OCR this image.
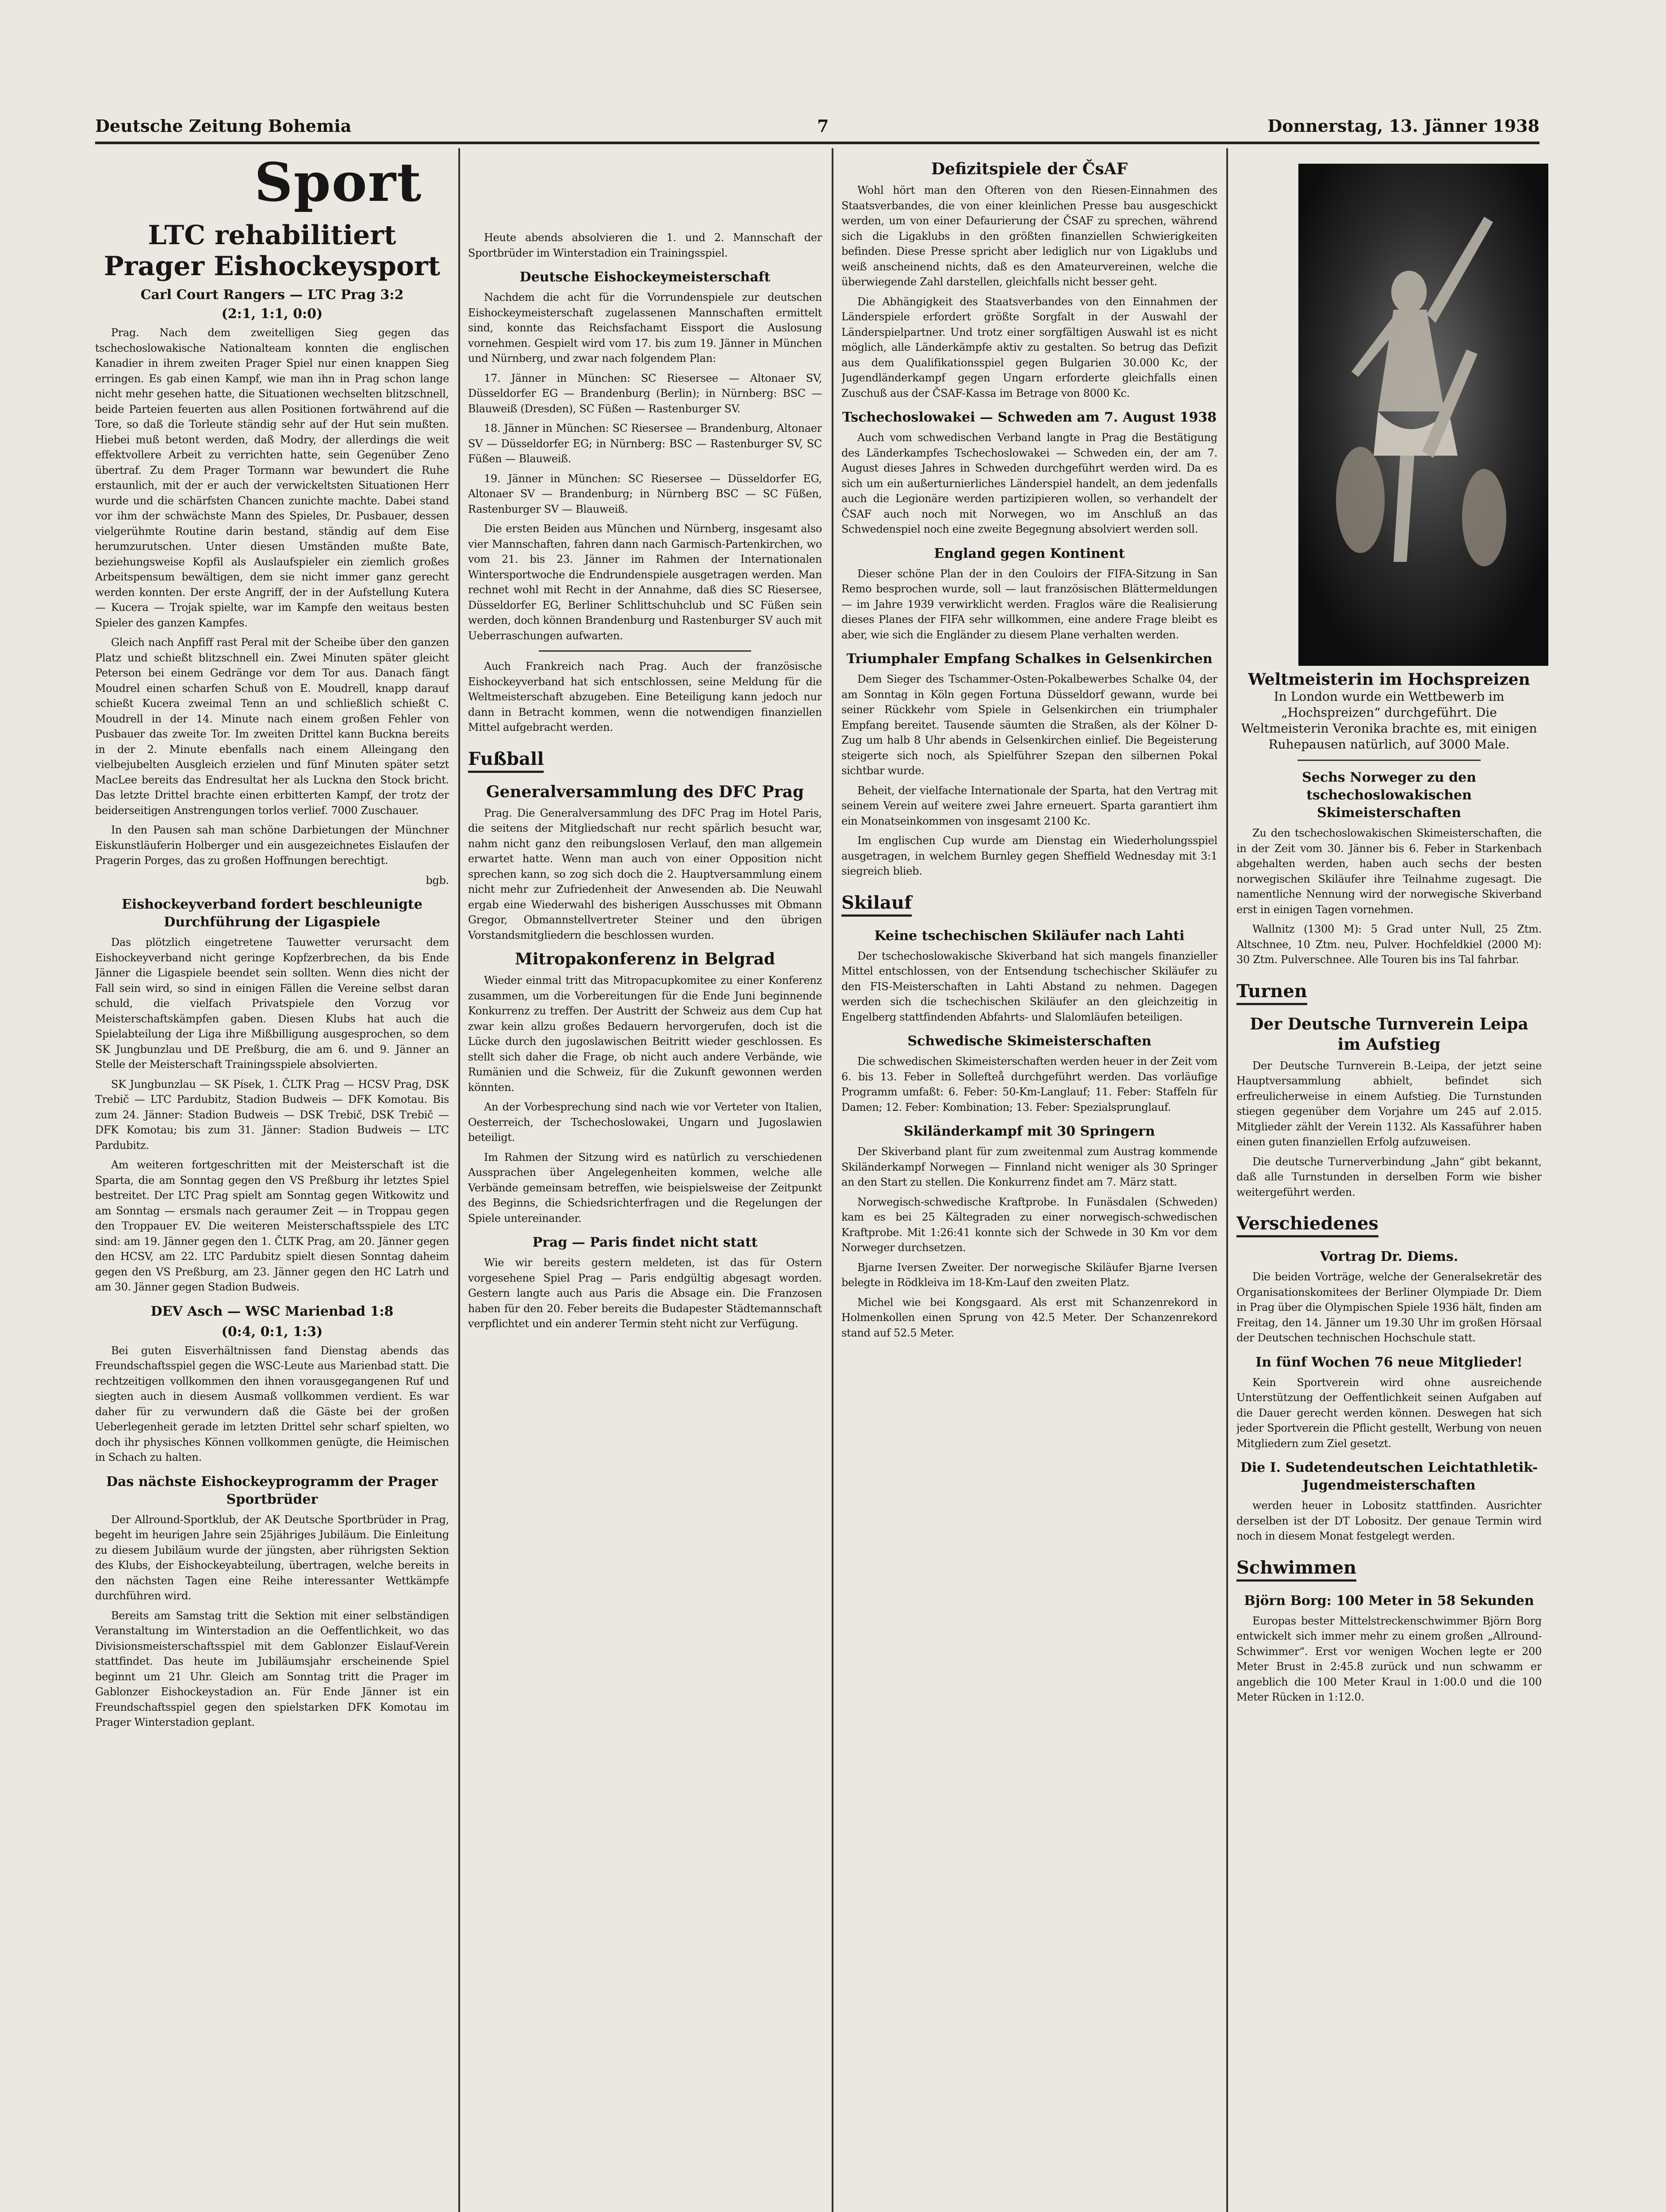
Deutsche Zeitung Bohemia	7	Donnerstag, 13. Jänner 1938
Sport
LTC rehabilitiert Prager Eishockeysport
Carl Court Rangers — LTC Prag 3:2
(2:1, 1:1, 0:0)

Prag. Nach dem zweitelligen Sieg gegen das tschechoslowakische Nationalteam konnten die englischen Kanadier in ihrem zweiten Prager Spiel nur einen knappen Sieg erringen. Es gab einen Kampf, wie man ihn in Prag schon lange nicht mehr gesehen hatte, die Situationen wechselten blitzschnell, beide Parteien feuerten aus allen Positionen fortwährend auf die Tore, so daß die Torleute ständig sehr auf der Hut sein mußten. Hiebei muß betont werden, daß Modry, der allerdings die weit effektvollere Arbeit zu verrichten hatte, sein Gegenüber Zeno übertraf. Zu dem Prager Tormann war bewundert die Ruhe erstaunlich, mit der er auch der verwickeltsten Situationen Herr wurde und die schärfsten Chancen zunichte machte. Dabei stand vor ihm der schwächste Mann des Spieles, Dr. Pusbauer, dessen vielgerühmte Routine darin bestand, ständig auf dem Eise herumzurutschen. Unter diesen Umständen mußte Bate, beziehungsweise Kopfil als Auslaufspieler ein ziemlich großes Arbeitspensum bewältigen, dem sie nicht immer ganz gerecht werden konnten. Der erste Angriff, der in der Aufstellung Kutera — Kucera — Trojak spielte, war im Kampfe den weitaus besten Spieler des ganzen Kampfes.

Gleich nach Anpfiff rast Peral mit der Scheibe über den ganzen Platz und schießt blitzschnell ein. Zwei Minuten später gleicht Peterson bei einem Gedränge vor dem Tor aus. Danach fängt Moudrel einen scharfen Schuß von E. Moudrell, knapp darauf schießt Kucera zweimal Tenn an und schließlich schießt C. Moudrell in der 14. Minute nach einem großen Fehler von Pusbauer das zweite Tor. Im zweiten Drittel kann Buckna bereits in der 2. Minute ebenfalls nach einem Alleingang den vielbejubelten Ausgleich erzielen und fünf Minuten später setzt MacLee bereits das Endresultat her als Luckna den Stock bricht. Das letzte Drittel brachte einen erbitterten Kampf, der trotz der beiderseitigen Anstrengungen torlos verlief. 7000 Zuschauer.

In den Pausen sah man schöne Darbietungen der Münchner Eiskunstläuferin Holberger und ein ausgezeichnetes Eislaufen der Pragerin Porges, das zu großen Hoffnungen berechtigt.

bgb.

Eishockeyverband fordert beschleunigte Durchführung der Ligaspiele

Das plötzlich eingetretene Tauwetter verursacht dem Eishockeyverband nicht geringe Kopfzerbrechen, da bis Ende Jänner die Ligaspiele beendet sein sollten. Wenn dies nicht der Fall sein wird, so sind in einigen Fällen die Vereine selbst daran schuld, die vielfach Privatspiele den Vorzug vor Meisterschaftskämpfen gaben. Diesen Klubs hat auch die Spielabteilung der Liga ihre Mißbilligung ausgesprochen, so dem SK Jungbunzlau und DE Preßburg, die am 6. und 9. Jänner an Stelle der Meisterschaft Trainingsspiele absolvierten.

SK Jungbunzlau — SK Písek, 1. ČLTK Prag — HCSV Prag, DSK Trebič — LTC Pardubitz, Stadion Budweis — DFK Komotau. Bis zum 24. Jänner: Stadion Budweis — DSK Trebič, DSK Trebič — DFK Komotau; bis zum 31. Jänner: Stadion Budweis — LTC Pardubitz.

Am weiteren fortgeschritten mit der Meisterschaft ist die Sparta, die am Sonntag gegen den VS Preßburg ihr letztes Spiel bestreitet. Der LTC Prag spielt am Sonntag gegen Witkowitz und am Sonntag — ersmals nach geraumer Zeit — in Troppau gegen den Troppauer EV. Die weiteren Meisterschaftsspiele des LTC sind: am 19. Jänner gegen den 1. ČLTK Prag, am 20. Jänner gegen den HCSV, am 22. LTC Pardubitz spielt diesen Sonntag daheim gegen den VS Preßburg, am 23. Jänner gegen den HC Latrh und am 30. Jänner gegen Stadion Budweis.

DEV Asch — WSC Marienbad 1:8
(0:4, 0:1, 1:3)

Bei guten Eisverhältnissen fand Dienstag abends das Freundschaftsspiel gegen die WSC-Leute aus Marienbad statt. Die rechtzeitigen vollkommen den ihnen vorausgegangenen Ruf und siegten auch in diesem Ausmaß vollkommen verdient. Es war daher für zu verwundern daß die Gäste bei der großen Ueberlegenheit gerade im letzten Drittel sehr scharf spielten, wo doch ihr physisches Können vollkommen genügte, die Heimischen in Schach zu halten.

Das nächste Eishockeyprogramm der Prager Sportbrüder

Der Allround-Sportklub, der AK Deutsche Sportbrüder in Prag, begeht im heurigen Jahre sein 25jähriges Jubiläum. Die Einleitung zu diesem Jubiläum wurde der jüngsten, aber rührigsten Sektion des Klubs, der Eishockeyabteilung, übertragen, welche bereits in den nächsten Tagen eine Reihe interessanter Wettkämpfe durchführen wird.

Bereits am Samstag tritt die Sektion mit einer selbständigen Veranstaltung im Winterstadion an die Oeffentlichkeit, wo das Divisionsmeisterschaftsspiel mit dem Gablonzer Eislauf-Verein stattfindet. Das heute im Jubiläumsjahr erscheinende Spiel beginnt um 21 Uhr. Gleich am Sonntag tritt die Prager im Gablonzer Eishockeystadion an. Für Ende Jänner ist ein Freundschaftsspiel gegen den spielstarken DFK Komotau im Prager Winterstadion geplant.

Heute abends absolvieren die 1. und 2. Mannschaft der Sportbrüder im Winterstadion ein Trainingsspiel.

Deutsche Eishockeymeisterschaft

Nachdem die acht für die Vorrundenspiele zur deutschen Eishockeymeisterschaft zugelassenen Mannschaften ermittelt sind, konnte das Reichsfachamt Eissport die Auslosung vornehmen. Gespielt wird vom 17. bis zum 19. Jänner in München und Nürnberg, und zwar nach folgendem Plan:

17. Jänner in München: SC Riesersee — Altonaer SV, Düsseldorfer EG — Brandenburg (Berlin); in Nürnberg: BSC — Blauweiß (Dresden), SC Füßen — Rastenburger SV.

18. Jänner in München: SC Riesersee — Brandenburg, Altonaer SV — Düsseldorfer EG; in Nürnberg: BSC — Rastenburger SV, SC Füßen — Blauweiß.

19. Jänner in München: SC Riesersee — Düsseldorfer EG, Altonaer SV — Brandenburg; in Nürnberg BSC — SC Füßen, Rastenburger SV — Blauweiß.

Die ersten Beiden aus München und Nürnberg, insgesamt also vier Mannschaften, fahren dann nach Garmisch-Partenkirchen, wo vom 21. bis 23. Jänner im Rahmen der Internationalen Wintersportwoche die Endrundenspiele ausgetragen werden. Man rechnet wohl mit Recht in der Annahme, daß dies SC Riesersee, Düsseldorfer EG, Berliner Schlittschuhclub und SC Füßen sein werden, doch können Brandenburg und Rastenburger SV auch mit Ueberraschungen aufwarten.

Auch Frankreich nach Prag. Auch der französische Eishockeyverband hat sich entschlossen, seine Meldung für die Weltmeisterschaft abzugeben. Eine Beteiligung kann jedoch nur dann in Betracht kommen, wenn die notwendigen finanziellen Mittel aufgebracht werden.

Fußball
Generalversammlung des DFC Prag

Prag. Die Generalversammlung des DFC Prag im Hotel Paris, die seitens der Mitgliedschaft nur recht spärlich besucht war, nahm nicht ganz den reibungslosen Verlauf, den man allgemein erwartet hatte. Wenn man auch von einer Opposition nicht sprechen kann, so zog sich doch die 2. Hauptversammlung einem nicht mehr zur Zufriedenheit der Anwesenden ab. Die Neuwahl ergab eine Wiederwahl des bisherigen Ausschusses mit Obmann Gregor, Obmannstellvertreter Steiner und den übrigen Vorstandsmitgliedern die beschlossen wurden.

Mitropakonferenz in Belgrad

Wieder einmal tritt das Mitropacupkomitee zu einer Konferenz zusammen, um die Vorbereitungen für die Ende Juni beginnende Konkurrenz zu treffen. Der Austritt der Schweiz aus dem Cup hat zwar kein allzu großes Bedauern hervorgerufen, doch ist die Lücke durch den jugoslawischen Beitritt wieder geschlossen. Es stellt sich daher die Frage, ob nicht auch andere Verbände, wie Rumänien und die Schweiz, für die Zukunft gewonnen werden könnten.

An der Vorbesprechung sind nach wie vor Verteter von Italien, Oesterreich, der Tschechoslowakei, Ungarn und Jugoslawien beteiligt.

Im Rahmen der Sitzung wird es natürlich zu verschiedenen Aussprachen über Angelegenheiten kommen, welche alle Verbände gemeinsam betreffen, wie beispielsweise der Zeitpunkt des Beginns, die Schiedsrichterfragen und die Regelungen der Spiele untereinander.

Prag — Paris findet nicht statt

Wie wir bereits gestern meldeten, ist das für Ostern vorgesehene Spiel Prag — Paris endgültig abgesagt worden. Gestern langte auch aus Paris die Absage ein. Die Franzosen haben für den 20. Feber bereits die Budapester Städtemannschaft verpflichtet und ein anderer Termin steht nicht zur Verfügung.

Defizitspiele der ČsAF

Wohl hört man den Ofteren von den Riesen-Einnahmen des Staatsverbandes, die von einer kleinlichen Presse bau ausgeschickt werden, um von einer Defaurierung der ČSAF zu sprechen, während sich die Ligaklubs in den größten finanziellen Schwierigkeiten befinden. Diese Presse spricht aber lediglich nur von Ligaklubs und weiß anscheinend nichts, daß es den Amateurvereinen, welche die überwiegende Zahl darstellen, gleichfalls nicht besser geht.

Die Abhängigkeit des Staatsverbandes von den Einnahmen der Länderspiele erfordert größte Sorgfalt in der Auswahl der Länderspielpartner. Und trotz einer sorgfältigen Auswahl ist es nicht möglich, alle Länderkämpfe aktiv zu gestalten. So betrug das Defizit aus dem Qualifikationsspiel gegen Bulgarien 30.000 Kc, der Jugendländerkampf gegen Ungarn erforderte gleichfalls einen Zuschuß aus der ČSAF-Kassa im Betrage von 8000 Kc.

Tschechoslowakei — Schweden am 7. August 1938

Auch vom schwedischen Verband langte in Prag die Bestätigung des Länderkampfes Tschechoslowakei — Schweden ein, der am 7. August dieses Jahres in Schweden durchgeführt werden wird. Da es sich um ein außerturnierliches Länderspiel handelt, an dem jedenfalls auch die Legionäre werden partizipieren wollen, so verhandelt der ČSAF auch noch mit Norwegen, wo im Anschluß an das Schwedenspiel noch eine zweite Begegnung absolviert werden soll.

England gegen Kontinent

Dieser schöne Plan der in den Couloirs der FIFA-Sitzung in San Remo besprochen wurde, soll — laut französischen Blättermeldungen — im Jahre 1939 verwirklicht werden. Fraglos wäre die Realisierung dieses Planes der FIFA sehr willkommen, eine andere Frage bleibt es aber, wie sich die Engländer zu diesem Plane verhalten werden.

Triumphaler Empfang Schalkes in Gelsenkirchen

Dem Sieger des Tschammer-Osten-Pokalbewerbes Schalke 04, der am Sonntag in Köln gegen Fortuna Düsseldorf gewann, wurde bei seiner Rückkehr vom Spiele in Gelsenkirchen ein triumphaler Empfang bereitet. Tausende säumten die Straßen, als der Kölner D-Zug um halb 8 Uhr abends in Gelsenkirchen einlief. Die Begeisterung steigerte sich noch, als Spielführer Szepan den silbernen Pokal sichtbar wurde.

Beheit, der vielfache Internationale der Sparta, hat den Vertrag mit seinem Verein auf weitere zwei Jahre erneuert. Sparta garantiert ihm ein Monatseinkommen von insgesamt 2100 Kc.

Im englischen Cup wurde am Dienstag ein Wiederholungsspiel ausgetragen, in welchem Burnley gegen Sheffield Wednesday mit 3:1 siegreich blieb.

Skilauf
Keine tschechischen Skiläufer nach Lahti

Der tschechoslowakische Skiverband hat sich mangels finanzieller Mittel entschlossen, von der Entsendung tschechischer Skiläufer zu den FIS-Meisterschaften in Lahti Abstand zu nehmen. Dagegen werden sich die tschechischen Skiläufer an den gleichzeitig in Engelberg stattfindenden Abfahrts- und Slalomläufen beteiligen.

Schwedische Skimeisterschaften

Die schwedischen Skimeisterschaften werden heuer in der Zeit vom 6. bis 13. Feber in Sollefteå durchgeführt werden. Das vorläufige Programm umfaßt: 6. Feber: 50-Km-Langlauf; 11. Feber: Staffeln für Damen; 12. Feber: Kombination; 13. Feber: Spezialsprunglauf.

Skiländerkampf mit 30 Springern

Der Skiverband plant für zum zweitenmal zum Austrag kommende Skiländerkampf Norwegen — Finnland nicht weniger als 30 Springer an den Start zu stellen. Die Konkurrenz findet am 7. März statt.

Norwegisch-schwedische Kraftprobe. In Funäsdalen (Schweden) kam es bei 25 Kältegraden zu einer norwegisch-schwedischen Kraftprobe. Mit 1:26:41 konnte sich der Schwede in 30 Km vor dem Norweger durchsetzen.

Bjarne Iversen Zweiter. Der norwegische Skiläufer Bjarne Iversen belegte in Rödkleiva im 18-Km-Lauf den zweiten Platz.

Michel wie bei Kongsgaard. Als erst mit Schanzenrekord in Holmenkollen einen Sprung von 42.5 Meter. Der Schanzenrekord stand auf 52.5 Meter.

Weltmeisterin im Hochspreizen
In London wurde ein Wettbewerb im „Hochspreizen“ durchgeführt. Die Weltmeisterin Veronika brachte es, mit einigen Ruhepausen natürlich, auf 3000 Male.
Sechs Norweger zu den tschechoslowakischen Skimeisterschaften

Zu den tschechoslowakischen Skimeisterschaften, die in der Zeit vom 30. Jänner bis 6. Feber in Starkenbach abgehalten werden, haben auch sechs der besten norwegischen Skiläufer ihre Teilnahme zugesagt. Die namentliche Nennung wird der norwegische Skiverband erst in einigen Tagen vornehmen.

Wallnitz (1300 M): 5 Grad unter Null, 25 Ztm. Altschnee, 10 Ztm. neu, Pulver. Hochfeldkiel (2000 M): 30 Ztm. Pulverschnee. Alle Touren bis ins Tal fahrbar.

Turnen
Der Deutsche Turnverein Leipa im Aufstieg

Der Deutsche Turnverein B.-Leipa, der jetzt seine Hauptversammlung abhielt, befindet sich erfreulicherweise in einem Aufstieg. Die Turnstunden stiegen gegenüber dem Vorjahre um 245 auf 2.015. Mitglieder zählt der Verein 1132. Als Kassaführer haben einen guten finanziellen Erfolg aufzuweisen.

Die deutsche Turnerverbindung „Jahn“ gibt bekannt, daß alle Turnstunden in derselben Form wie bisher weitergeführt werden.

Verschiedenes
Vortrag Dr. Diems.

Die beiden Vorträge, welche der Generalsekretär des Organisationskomitees der Berliner Olympiade Dr. Diem in Prag über die Olympischen Spiele 1936 hält, finden am Freitag, den 14. Jänner um 19.30 Uhr im großen Hörsaal der Deutschen technischen Hochschule statt.

In fünf Wochen 76 neue Mitglieder!

Kein Sportverein wird ohne ausreichende Unterstützung der Oeffentlichkeit seinen Aufgaben auf die Dauer gerecht werden können. Deswegen hat sich jeder Sportverein die Pflicht gestellt, Werbung von neuen Mitgliedern zum Ziel gesetzt.

Die I. Sudetendeutschen Leichtathletik-Jugendmeisterschaften

werden heuer in Lobositz stattfinden. Ausrichter derselben ist der DT Lobositz. Der genaue Termin wird noch in diesem Monat festgelegt werden.

Schwimmen
Björn Borg: 100 Meter in 58 Sekunden

Europas bester Mittelstreckenschwimmer Björn Borg entwickelt sich immer mehr zu einem großen „Allround-Schwimmer“. Erst vor wenigen Wochen legte er 200 Meter Brust in 2:45.8 zurück und nun schwamm er angeblich die 100 Meter Kraul in 1:00.0 und die 100 Meter Rücken in 1:12.0.
